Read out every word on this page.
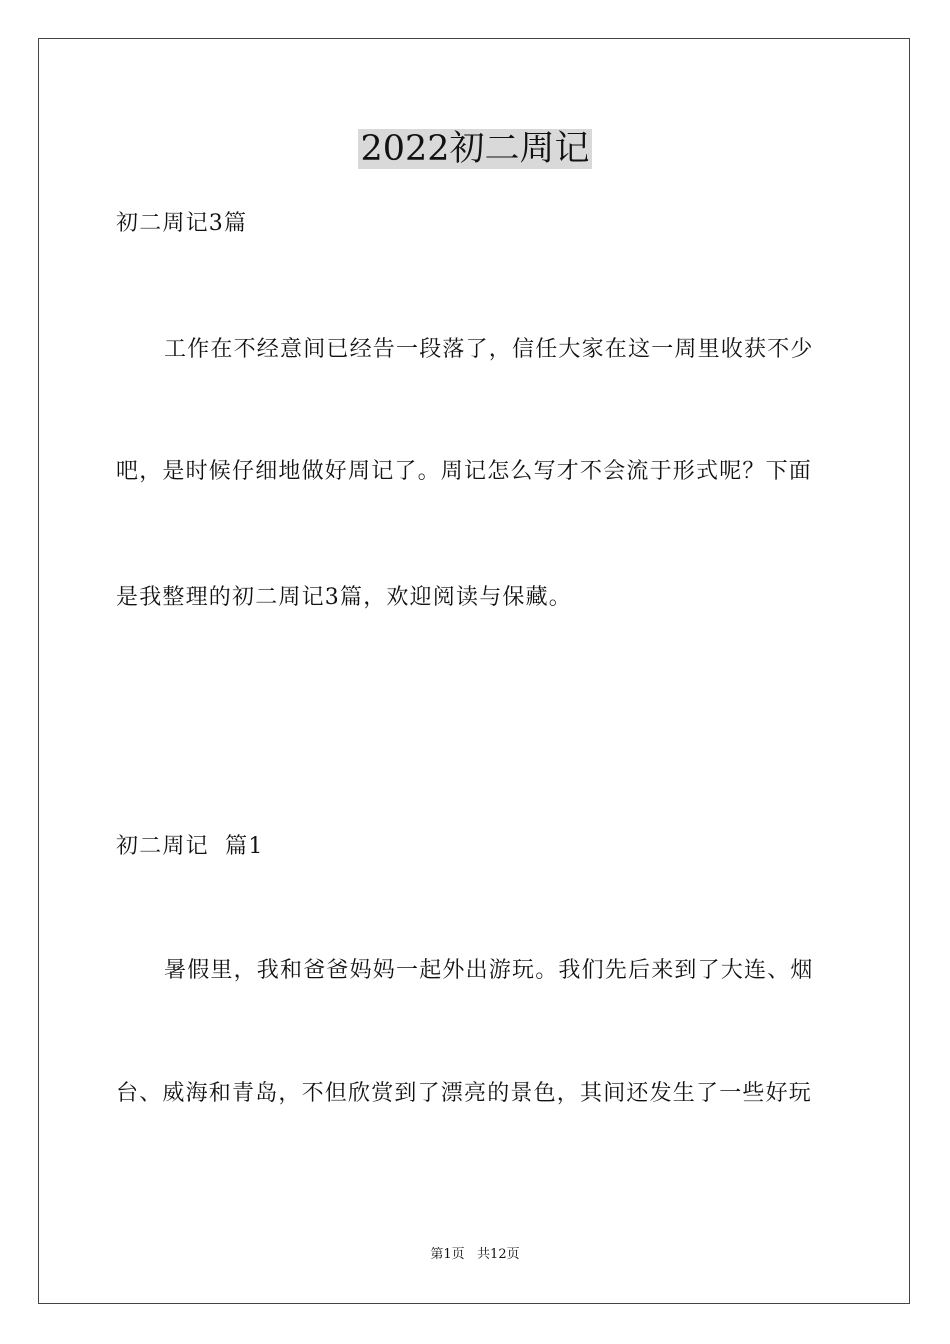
2022初二周记
初二周记3篇
工作在不经意间已经告一段落了，信任大家在这一周里收获不少
吧，是时候仔细地做好周记了。周记怎么写才不会流于形式呢？下面
是我整理的初二周记3篇，欢迎阅读与保藏。
初二周记  篇1
暑假里，我和爸爸妈妈一起外出游玩。我们先后来到了大连、烟
台、威海和青岛，不但欣赏到了漂亮的景色，其间还发生了一些好玩
第1页   共12页
